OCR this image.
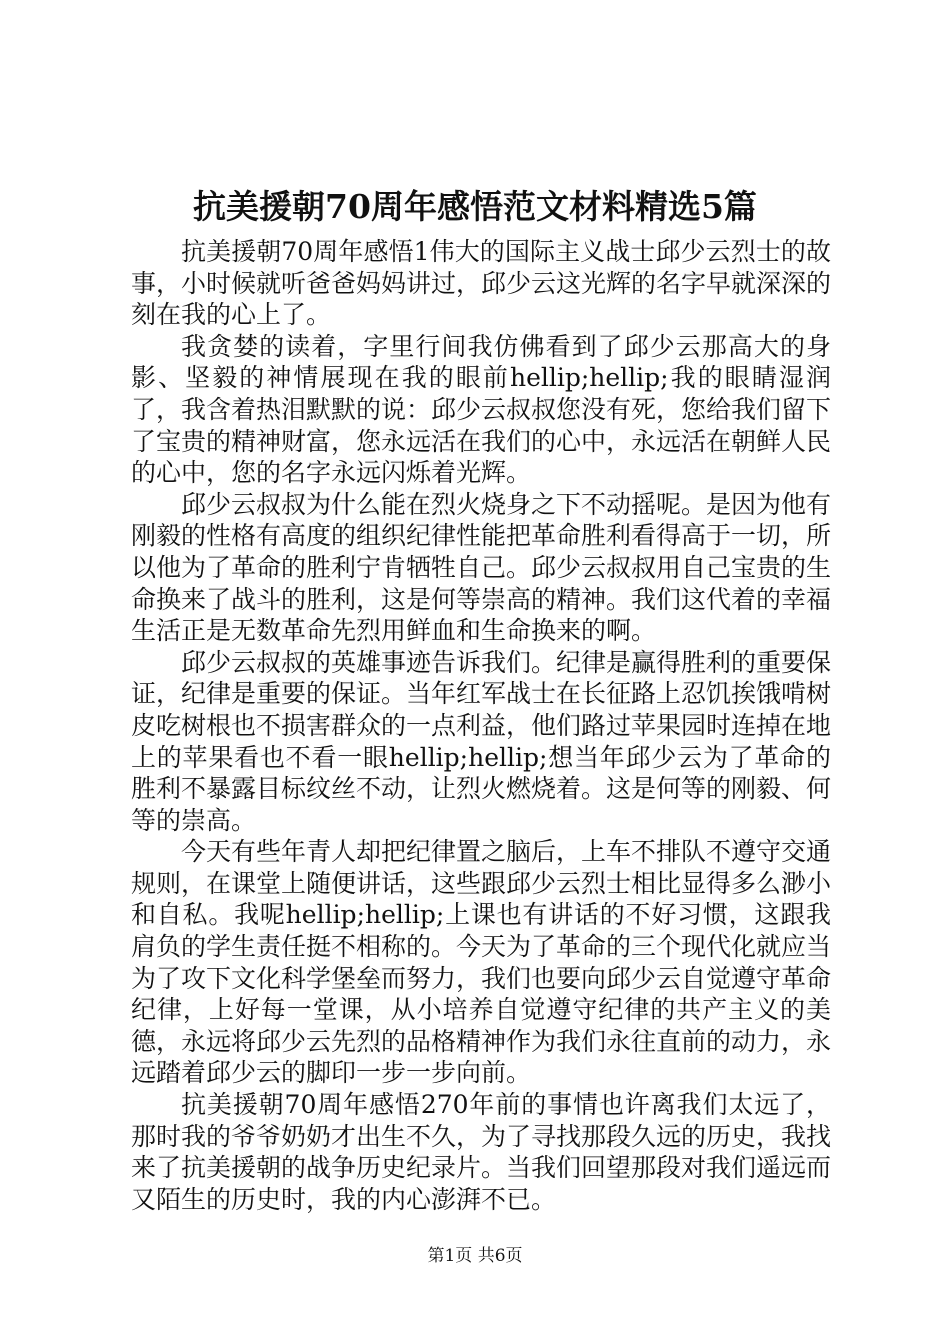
抗美援朝70周年感悟范文材料精选5篇

抗美援朝70周年感悟1伟大的国际主义战士邱少云烈士的故事，小时候就听爸爸妈妈讲过，邱少云这光辉的名字早就深深的刻在我的心上了。

我贪婪的读着，字里行间我仿佛看到了邱少云那高大的身影、坚毅的神情展现在我的眼前hellip;hellip;我的眼睛湿润了，我含着热泪默默的说：邱少云叔叔您没有死，您给我们留下了宝贵的精神财富，您永远活在我们的心中，永远活在朝鲜人民的心中，您的名字永远闪烁着光辉。

邱少云叔叔为什么能在烈火烧身之下不动摇呢。是因为他有刚毅的性格有高度的组织纪律性能把革命胜利看得高于一切，所以他为了革命的胜利宁肯牺牲自己。邱少云叔叔用自己宝贵的生命换来了战斗的胜利，这是何等崇高的精神。我们这代着的幸福生活正是无数革命先烈用鲜血和生命换来的啊。

邱少云叔叔的英雄事迹告诉我们。纪律是赢得胜利的重要保证，纪律是重要的保证。当年红军战士在长征路上忍饥挨饿啃树皮吃树根也不损害群众的一点利益，他们路过苹果园时连掉在地上的苹果看也不看一眼hellip;hellip;想当年邱少云为了革命的胜利不暴露目标纹丝不动，让烈火燃烧着。这是何等的刚毅、何等的崇高。

今天有些年青人却把纪律置之脑后，上车不排队不遵守交通规则，在课堂上随便讲话，这些跟邱少云烈士相比显得多么渺小和自私。我呢hellip;hellip;上课也有讲话的不好习惯，这跟我肩负的学生责任挺不相称的。今天为了革命的三个现代化就应当为了攻下文化科学堡垒而努力，我们也要向邱少云自觉遵守革命纪律，上好每一堂课，从小培养自觉遵守纪律的共产主义的美德，永远将邱少云先烈的品格精神作为我们永往直前的动力，永远踏着邱少云的脚印一步一步向前。

抗美援朝70周年感悟270年前的事情也许离我们太远了，那时我的爷爷奶奶才出生不久，为了寻找那段久远的历史，我找来了抗美援朝的战争历史纪录片。当我们回望那段对我们遥远而又陌生的历史时，我的内心澎湃不已。

第1页 共6页
